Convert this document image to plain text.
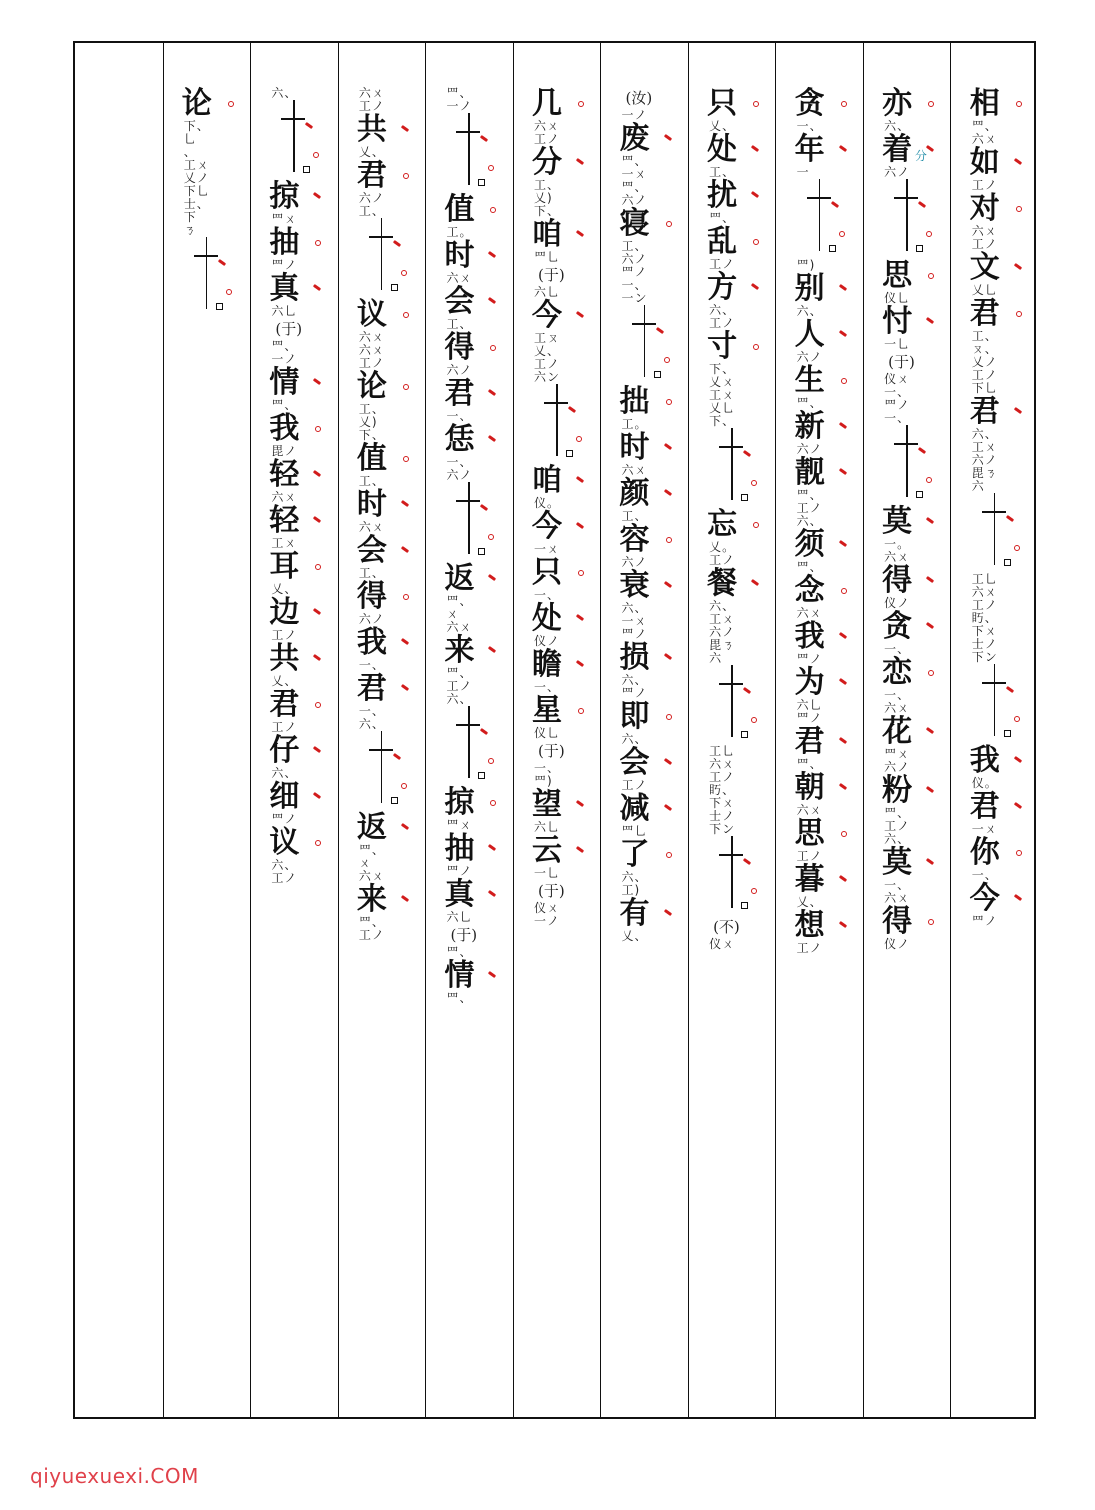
相
罒、
六ㄨ
如
工ノ
对
六ㄨ
工ノ
文
乂乚
君
工、
ㄡ、
乂ノ
工ノ
下乚
君
六、
工ㄨ
六ノ
毘ㄋ
六
工乚
六ㄨ
工ノ
䀎、
下ㄨ
士ノ
下ン
我
仪。
君
一ㄨ
你
一、
今
罒ノ
亦
六、
着
六ノ
思
仪乚
忖
一乚
(于)
仪ㄨ
一、
罒ノ
一、
莫
一。
六ㄨ
得
仪ノ
贪
一、
恋
一、
六ㄨ
花
罒ㄨ
六ノ
粉
罒、
工ノ
六、
莫
一、
六ㄨ
得
仪ノ
贪
一、
年
一
罒)
别
六、
人
六ノ
生
罒、
新
六ノ
靓
罒、
工ノ
六、
须
罒、
念
六ㄨ
我
罒ノ
为
六乚
罒ノ
君
罒、
朝
六ㄨ
思
工ノ
暮
乂、
想
工ノ
只
乂、
处
工、
扰
罒、
乱
工ノ
方
六、
工ノ
寸
下、
乂ㄨ
工ㄨ
乂乚
下、
忘
乂。
工ノ
餐
六、
工ㄨ
六ノ
毘ㄋ
六
工乚
六ㄨ
工ノ
䀎、
下ㄨ
士ノ
下ン
(不)
仪ㄨ
(汝)
一ノ
废
罒、
一ㄨ
罒、
六ノ
寝
工、
六ノ
罒ノ
一、
一ン
拙
工。
时
六ㄨ
颜
工、
容
六ノ
衰
六、
一ㄨ
罒ノ
损
六、
罒ノ
即
六、
会
工ノ
减
罒乚
了
六、
工)
有
乂、
几
六ㄨ
工ノ
分
工、
乂)
下、
咱
罒乚
(于)
六乚
今
工ㄡ
乂、
工ノ
六ン
咱
仪。
今
一ㄨ
只
一、
处
仪ノ
瞻
一、
星
仪乚
(于)
一、
罒)
望
六乚
云
一乚
(于)
仪ㄨ
一ノ
罒、
一ノ
值
工。
时
六ㄨ
会
工、
得
六ノ
君
一、
恁
一、
六ノ
返
罒、
ㄨ
六ㄨ
来
罒、
工ノ
六、
掠
罒ㄨ
抽
罒ノ
真
六乚
(于)
罒、
情
罒、
六ㄨ
工ノ
共
乂、
君
六ノ
工、
议
六ㄨ
六ㄨ
工ノ
论
工、
乂)
下、
值
工、
时
六ㄨ
会
工、
得
六ノ
我
一、
君
一、
六、
返
罒、
ㄨ
六ㄨ
来
罒、
工ノ
六、
掠
罒ㄨ
抽
罒ノ
真
六乚
(于)
罒、
一ノ
情
罒、
我
毘ノ
轻
六ㄨ
轻
工ㄨ
耳
乂、
边
工ノ
共
乂、
君
工ノ
仔
六、
细
罒ノ
议
六、
工ノ
论
下、
乚
、
工ㄨ
乂ノ
下乚
士、
下
ㄋ
分
qiyuexuexi.COM
